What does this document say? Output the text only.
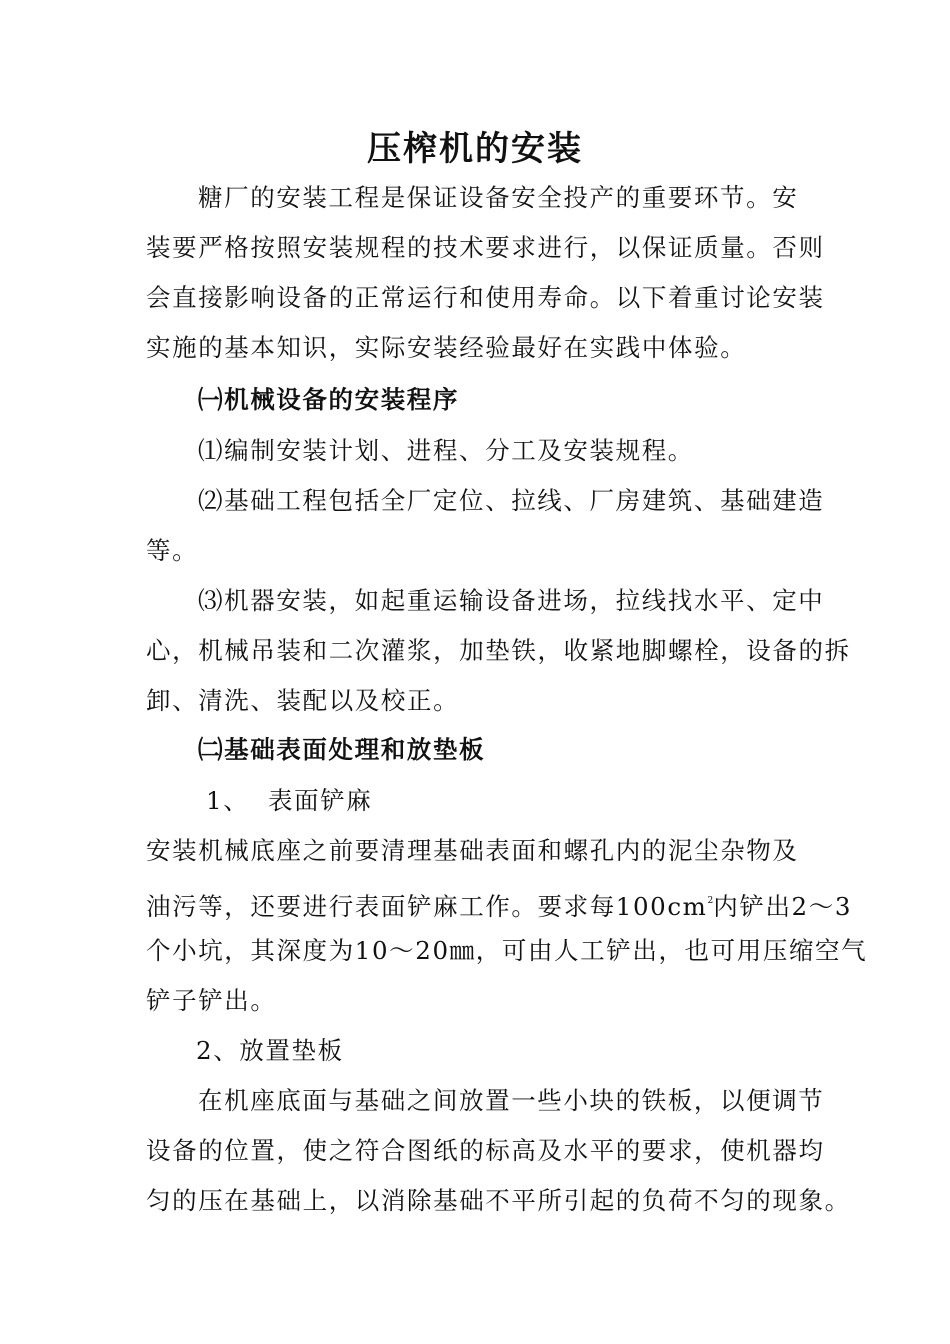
压榨机的安装
糖厂的安装工程是保证设备安全投产的重要环节。安
装要严格按照安装规程的技术要求进行，以保证质量。否则
会直接影响设备的正常运行和使用寿命。以下着重讨论安装
实施的基本知识，实际安装经验最好在实践中体验。
㈠机械设备的安装程序
⑴编制安装计划、进程、分工及安装规程。
⑵基础工程包括全厂定位、拉线、厂房建筑、基础建造
等。
⑶机器安装，如起重运输设备进场，拉线找水平、定中
心，机械吊装和二次灌浆，加垫铁，收紧地脚螺栓，设备的拆
卸、清洗、装配以及校正。
㈡基础表面处理和放垫板
1、 表面铲麻
安装机械底座之前要清理基础表面和螺孔内的泥尘杂物及
油污等，还要进行表面铲麻工作。要求每$100cm^2$内铲出2～3
个小坑，其深度为10～20㎜，可由人工铲出，也可用压缩空气
铲子铲出。
2、放置垫板
在机座底面与基础之间放置一些小块的铁板，以便调节
设备的位置，使之符合图纸的标高及水平的要求，使机器均
匀的压在基础上，以消除基础不平所引起的负荷不匀的现象。
